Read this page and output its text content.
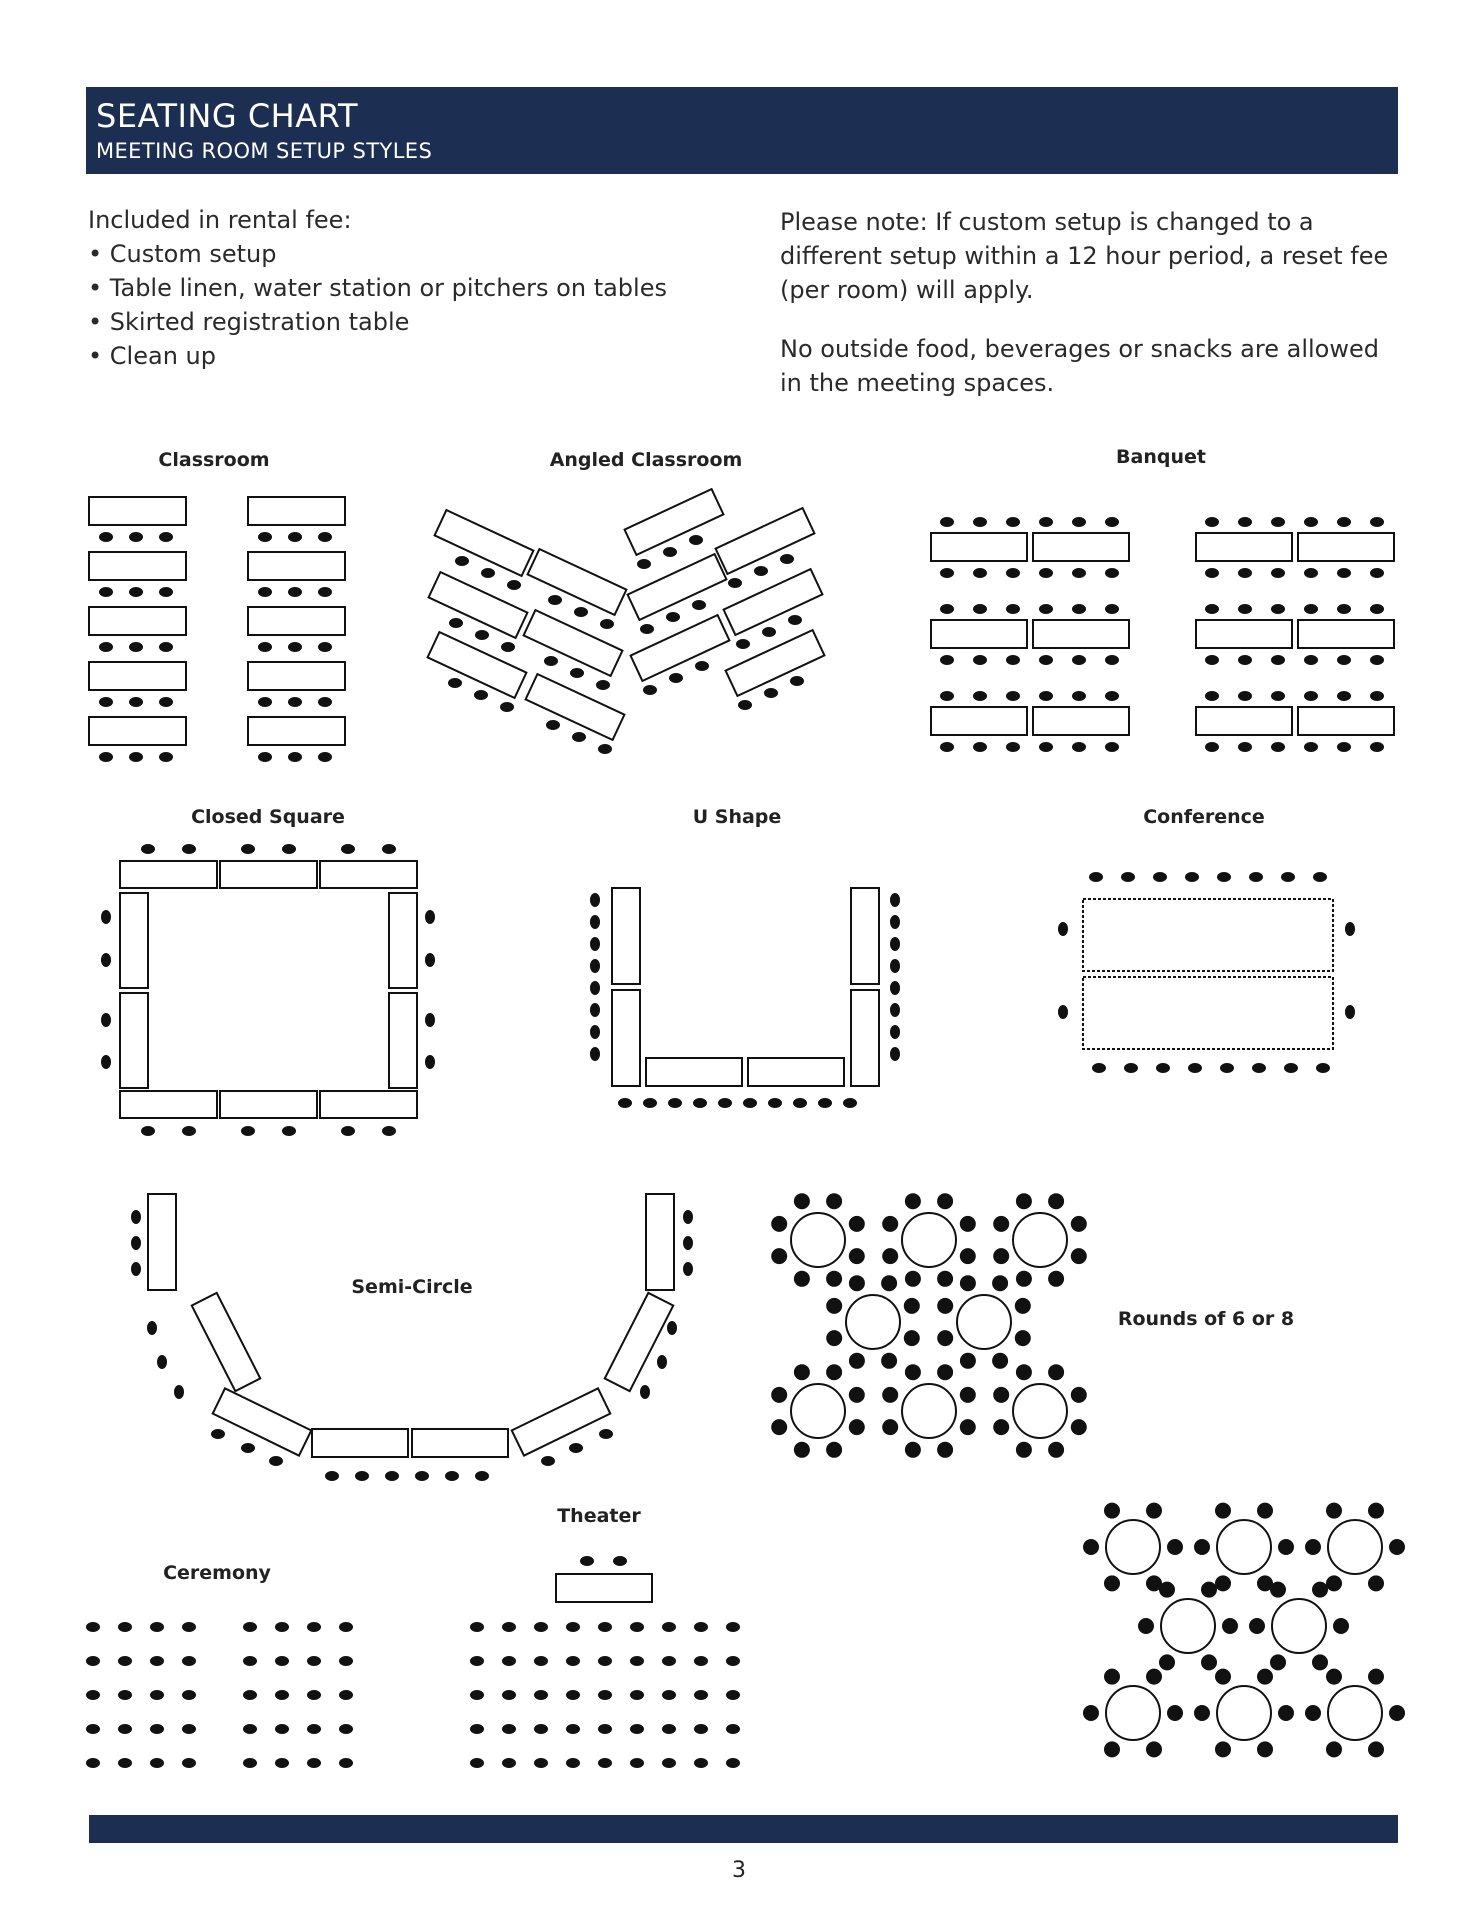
SEATING CHART
MEETING ROOM SETUP STYLES

Included in rental fee:

• Custom setup
• Table linen, water station or pitchers on tables
• Skirted registration table
• Clean up

Please note: If custom setup is changed to a different setup within a 12 hour period, a reset fee (per room) will apply.

No outside food, beverages or snacks are allowed in the meeting spaces.

Classroom	Angled Classroom	Banquet
Closed Square	U Shape	Conference
Semi-Circle
Rounds of 6 or 8
Theater
Ceremony
3
